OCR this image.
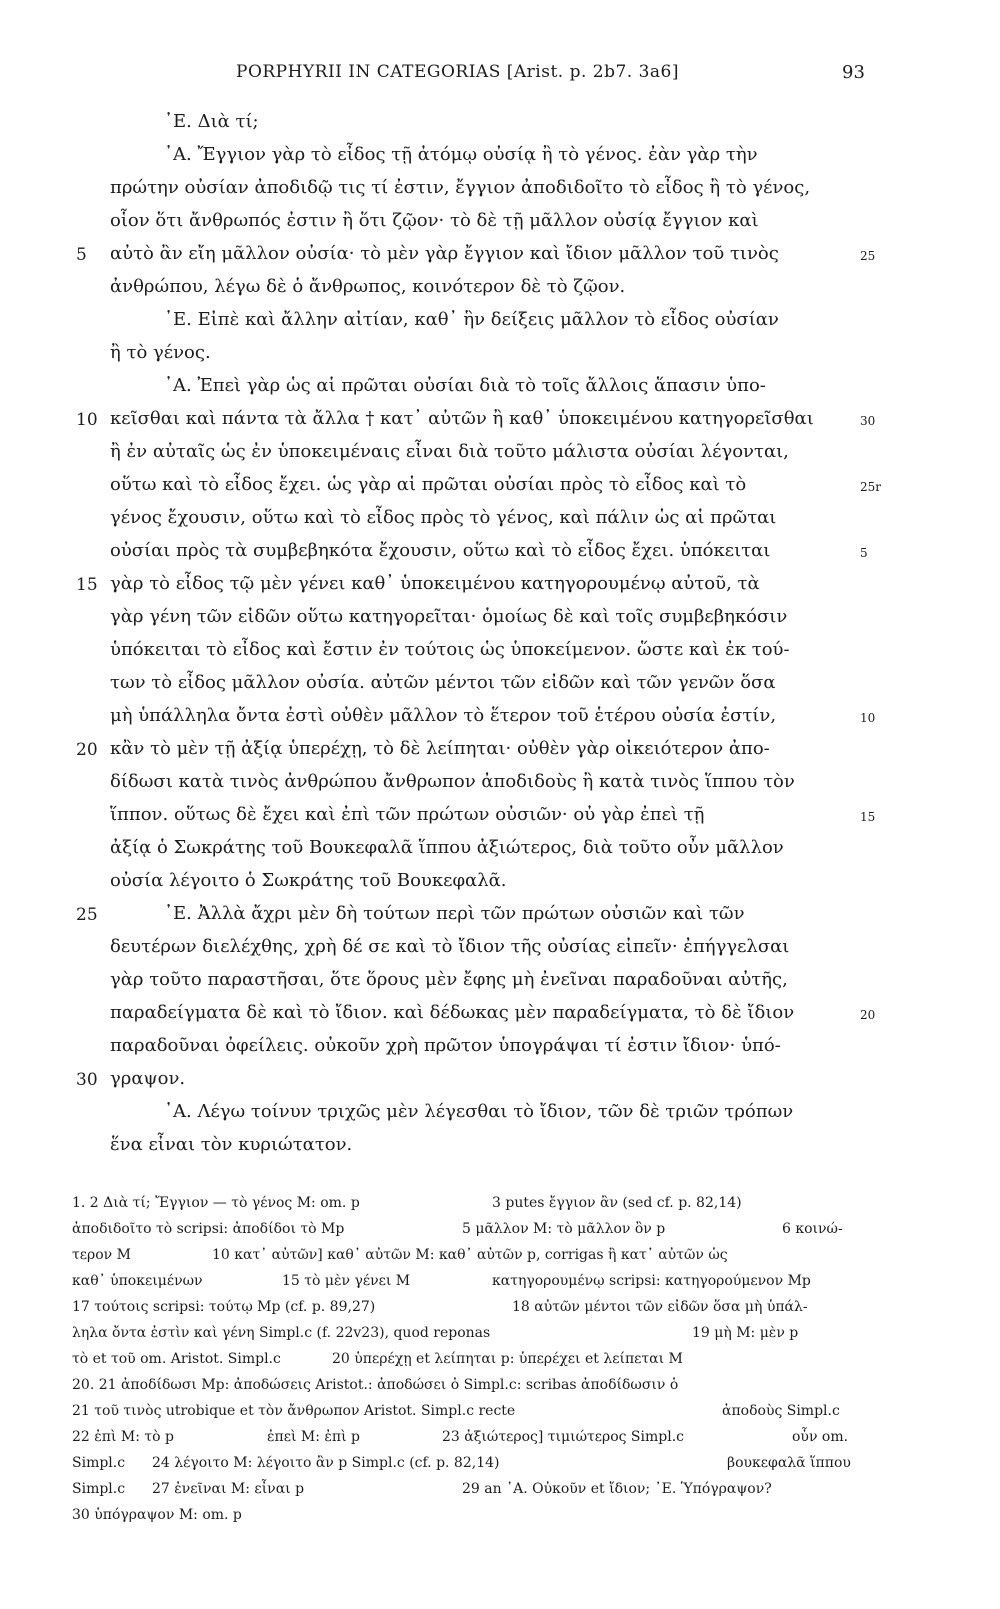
PORPHYRII IN CATEGORIAS [Arist. p. 2b7. 3a6]	93
᾿Ε. Διὰ τί;
᾿Α. Ἔγγιον γὰρ τὸ εἶδος τῇ ἀτόμῳ οὐσίᾳ ἢ τὸ γένος. ἐὰν γὰρ τὴν
πρώτην οὐσίαν ἀποδιδῷ τις τί ἐστιν, ἔγγιον ἀποδιδοῖτο τὸ εἶδος ἢ τὸ γένος,
οἷον ὅτι ἄνθρωπός ἐστιν ἢ ὅτι ζῷον· τὸ δὲ τῇ μᾶλλον οὐσίᾳ ἔγγιον καὶ
αὐτὸ ἂν εἴη μᾶλλον οὐσία· τὸ μὲν γὰρ ἔγγιον καὶ ἴδιον μᾶλλον τοῦ τινὸς
ἀνθρώπου, λέγω δὲ ὁ ἄνθρωπος, κοινότερον δὲ τὸ ζῷον.
᾿Ε. Εἰπὲ καὶ ἄλλην αἰτίαν, καθ᾿ ἣν δείξεις μᾶλλον τὸ εἶδος οὐσίαν
ἢ τὸ γένος.
᾿Α. Ἐπεὶ γὰρ ὡς αἱ πρῶται οὐσίαι διὰ τὸ τοῖς ἄλλοις ἅπασιν ὑπο-
κεῖσθαι καὶ πάντα τὰ ἄλλα † κατ᾿ αὐτῶν ἢ καθ᾿ ὑποκειμένου κατηγορεῖσθαι
ἢ ἐν αὐταῖς ὡς ἐν ὑποκειμέναις εἶναι διὰ τοῦτο μάλιστα οὐσίαι λέγονται,
οὕτω καὶ τὸ εἶδος ἔχει. ὡς γὰρ αἱ πρῶται οὐσίαι πρὸς τὸ εἶδος καὶ τὸ
γένος ἔχουσιν, οὕτω καὶ τὸ εἶδος πρὸς τὸ γένος, καὶ πάλιν ὡς αἱ πρῶται
οὐσίαι πρὸς τὰ συμβεβηκότα ἔχουσιν, οὕτω καὶ τὸ εἶδος ἔχει. ὑπόκειται
γὰρ τὸ εἶδος τῷ μὲν γένει καθ᾿ ὑποκειμένου κατηγορουμένῳ αὐτοῦ, τὰ
γὰρ γένη τῶν εἰδῶν οὕτω κατηγορεῖται· ὁμοίως δὲ καὶ τοῖς συμβεβηκόσιν
ὑπόκειται τὸ εἶδος καὶ ἔστιν ἐν τούτοις ὡς ὑποκείμενον. ὥστε καὶ ἐκ τού-
των τὸ εἶδος μᾶλλον οὐσία. αὐτῶν μέντοι τῶν εἰδῶν καὶ τῶν γενῶν ὅσα
μὴ ὑπάλληλα ὄντα ἐστὶ οὐθὲν μᾶλλον τὸ ἕτερον τοῦ ἑτέρου οὐσία ἐστίν,
κἂν τὸ μὲν τῇ ἀξίᾳ ὑπερέχῃ, τὸ δὲ λείπηται· οὐθὲν γὰρ οἰκειότερον ἀπο-
δίδωσι κατὰ τινὸς ἀνθρώπου ἄνθρωπον ἀποδιδοὺς ἢ κατὰ τινὸς ἵππου τὸν
ἵππον. οὕτως δὲ ἔχει καὶ ἐπὶ τῶν πρώτων οὐσιῶν· οὐ γὰρ ἐπεὶ τῇ
ἀξίᾳ ὁ Σωκράτης τοῦ Βουκεφαλᾶ ἵππου ἀξιώτερος, διὰ τοῦτο οὖν μᾶλλον
οὐσία λέγοιτο ὁ Σωκράτης τοῦ Βουκεφαλᾶ.
᾿Ε. Ἀλλὰ ἄχρι μὲν δὴ τούτων περὶ τῶν πρώτων οὐσιῶν καὶ τῶν
δευτέρων διελέχθης, χρὴ δέ σε καὶ τὸ ἴδιον τῆς οὐσίας εἰπεῖν· ἐπήγγελσαι
γὰρ τοῦτο παραστῆσαι, ὅτε ὅρους μὲν ἔφης μὴ ἐνεῖναι παραδοῦναι αὐτῆς,
παραδείγματα δὲ καὶ τὸ ἴδιον. καὶ δέδωκας μὲν παραδείγματα, τὸ δὲ ἴδιον
παραδοῦναι ὀφείλεις. οὐκοῦν χρὴ πρῶτον ὑπογράψαι τί ἐστιν ἴδιον· ὑπό-
γραψον.
᾿Α. Λέγω τοίνυν τριχῶς μὲν λέγεσθαι τὸ ἴδιον, τῶν δὲ τριῶν τρόπων
ἕνα εἶναι τὸν κυριώτατον.
5
10
15
20
25
30
25
30
25r
5
10
15
20
1. 2 Διὰ τί; Ἔγγιον — τὸ γένος M: om. p	3 putes ἔγγιον ἂν (sed cf. p. 82,14)
ἀποδιδοῖτο τὸ scripsi: ἀποδίδοι τὸ Mp	5 μᾶλλον M: τὸ μᾶλλον ὂν p	6 κοινώ-
τερον M	10 κατ᾿ αὐτῶν] καθ᾿ αὐτῶν M: καθ᾿ αὐτῶν p, corrigas ἢ κατ᾿ αὐτῶν ὡς
καθ᾿ ὑποκειμένων	15 τὸ μὲν γένει M	κατηγορουμένῳ scripsi: κατηγορούμενον Mp
17 τούτοις scripsi: τούτῳ Mp (cf. p. 89,27)	18 αὐτῶν μέντοι τῶν εἰδῶν ὅσα μὴ ὑπάλ-
ληλα ὄντα ἐστὶν καὶ γένη Simpl.c (f. 22v23), quod reponas	19 μὴ M: μὲν p
τὸ et τοῦ om. Aristot. Simpl.c	20 ὑπερέχῃ et λείπηται p: ὑπερέχει et λείπεται M
20. 21 ἀποδίδωσι Mp: ἀποδώσεις Aristot.: ἀποδώσει ὁ Simpl.c: scribas ἀποδίδωσιν ὁ
21 τοῦ τινὸς utrobique et τὸν ἄνθρωπον Aristot. Simpl.c recte	ἀποδοὺς Simpl.c
22 ἐπὶ M: τὸ p	ἐπεὶ M: ἐπὶ p	23 ἀξιώτερος] τιμιώτερος Simpl.c	οὖν om.
Simpl.c 24 λέγοιτο M: λέγοιτο ἂν p Simpl.c (cf. p. 82,14)	βουκεφαλᾶ ἵππου
Simpl.c 27 ἐνεῖναι M: εἶναι p	29 an ᾿Α. Οὐκοῦν et ἴδιον; ᾿Ε. Ὑπόγραψον?
30 ὑπόγραψον M: om. p
